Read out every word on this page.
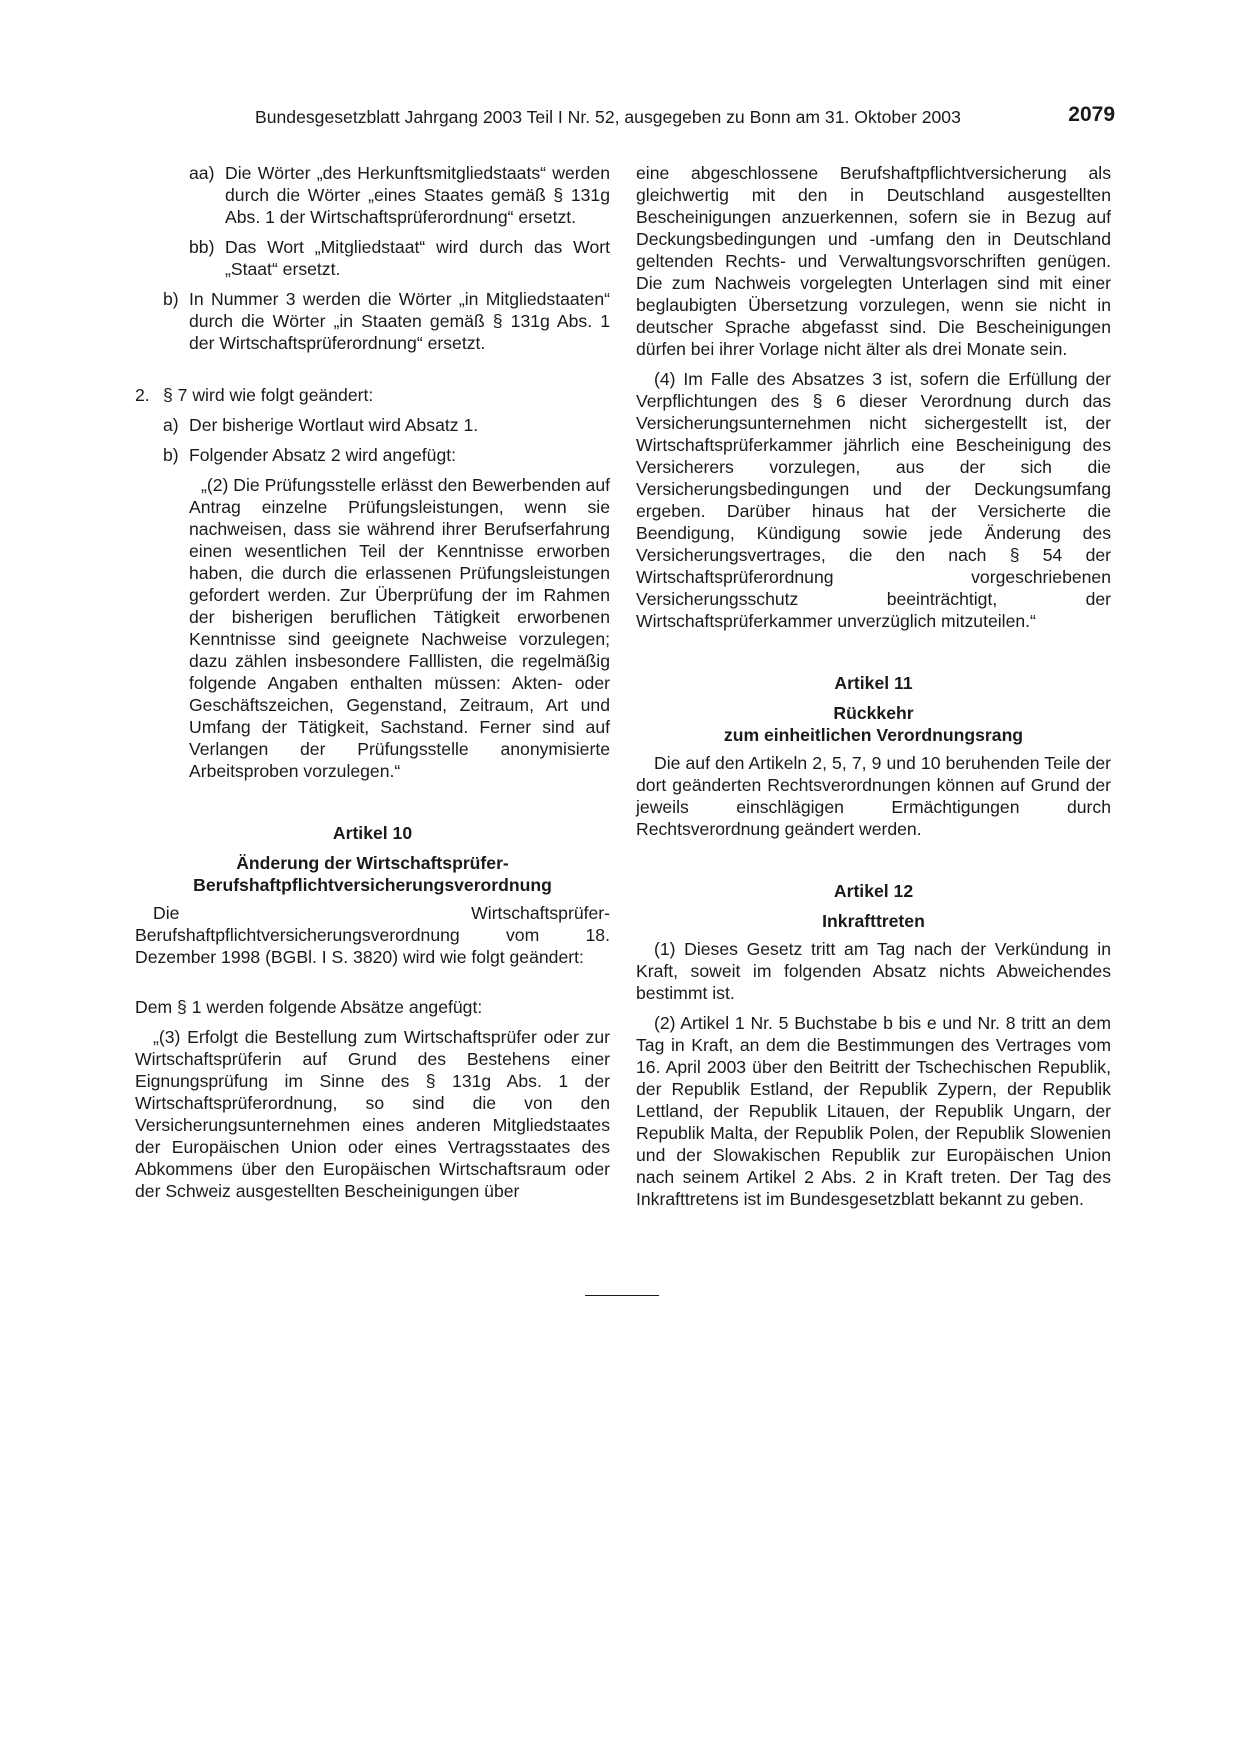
Bundesgesetzblatt Jahrgang 2003 Teil I Nr. 52, ausgegeben zu Bonn am 31. Oktober 2003	2079
aa) Die Wörter „des Herkunftsmitgliedstaats“ werden durch die Wörter „eines Staates gemäß § 131g Abs. 1 der Wirtschaftsprüferordnung“ ersetzt.
bb) Das Wort „Mitgliedstaat“ wird durch das Wort „Staat“ ersetzt.
b) In Nummer 3 werden die Wörter „in Mitgliedstaaten“ durch die Wörter „in Staaten gemäß § 131g Abs. 1 der Wirtschaftsprüferordnung“ ersetzt.
2. § 7 wird wie folgt geändert:
a) Der bisherige Wortlaut wird Absatz 1.
b) Folgender Absatz 2 wird angefügt:

„(2) Die Prüfungsstelle erlässt den Bewerbenden auf Antrag einzelne Prüfungsleistungen, wenn sie nachweisen, dass sie während ihrer Berufserfahrung einen wesentlichen Teil der Kenntnisse erworben haben, die durch die erlassenen Prüfungsleistungen gefordert werden. Zur Überprüfung der im Rahmen der bisherigen beruflichen Tätigkeit erworbenen Kenntnisse sind geeignete Nachweise vorzulegen; dazu zählen insbesondere Falllisten, die regelmäßig folgende Angaben enthalten müssen: Akten- oder Geschäftszeichen, Gegenstand, Zeitraum, Art und Umfang der Tätigkeit, Sachstand. Ferner sind auf Verlangen der Prüfungsstelle anonymisierte Arbeitsproben vorzulegen.“

Artikel 10

Änderung der Wirtschaftsprüfer-

Berufshaftpflichtversicherungsverordnung

Die Wirtschaftsprüfer-Berufshaftpflichtversicherungsverordnung vom 18. Dezember 1998 (BGBl. I S. 3820) wird wie folgt geändert:

Dem § 1 werden folgende Absätze angefügt:

„(3) Erfolgt die Bestellung zum Wirtschaftsprüfer oder zur Wirtschaftsprüferin auf Grund des Bestehens einer Eignungsprüfung im Sinne des § 131g Abs. 1 der Wirtschaftsprüferordnung, so sind die von den Versicherungsunternehmen eines anderen Mitgliedstaates der Europäischen Union oder eines Vertragsstaates des Abkommens über den Europäischen Wirtschaftsraum oder der Schweiz ausgestellten Bescheinigungen über

eine abgeschlossene Berufshaftpflichtversicherung als gleichwertig mit den in Deutschland ausgestellten Bescheinigungen anzuerkennen, sofern sie in Bezug auf Deckungsbedingungen und -umfang den in Deutschland geltenden Rechts- und Verwaltungsvorschriften genügen. Die zum Nachweis vorgelegten Unterlagen sind mit einer beglaubigten Übersetzung vorzulegen, wenn sie nicht in deutscher Sprache abgefasst sind. Die Bescheinigungen dürfen bei ihrer Vorlage nicht älter als drei Monate sein.

(4) Im Falle des Absatzes 3 ist, sofern die Erfüllung der Verpflichtungen des § 6 dieser Verordnung durch das Versicherungsunternehmen nicht sichergestellt ist, der Wirtschaftsprüferkammer jährlich eine Bescheinigung des Versicherers vorzulegen, aus der sich die Versicherungsbedingungen und der Deckungsumfang ergeben. Darüber hinaus hat der Versicherte die Beendigung, Kündigung sowie jede Änderung des Versicherungsvertrages, die den nach § 54 der Wirtschaftsprüferordnung vorgeschriebenen Versicherungsschutz beeinträchtigt, der Wirtschaftsprüferkammer unverzüglich mitzuteilen.“

Artikel 11

Rückkehr

zum einheitlichen Verordnungsrang

Die auf den Artikeln 2, 5, 7, 9 und 10 beruhenden Teile der dort geänderten Rechtsverordnungen können auf Grund der jeweils einschlägigen Ermächtigungen durch Rechtsverordnung geändert werden.

Artikel 12

Inkrafttreten

(1) Dieses Gesetz tritt am Tag nach der Verkündung in Kraft, soweit im folgenden Absatz nichts Abweichendes bestimmt ist.

(2) Artikel 1 Nr. 5 Buchstabe b bis e und Nr. 8 tritt an dem Tag in Kraft, an dem die Bestimmungen des Vertrages vom 16. April 2003 über den Beitritt der Tschechischen Republik, der Republik Estland, der Republik Zypern, der Republik Lettland, der Republik Litauen, der Republik Ungarn, der Republik Malta, der Republik Polen, der Republik Slowenien und der Slowakischen Republik zur Europäischen Union nach seinem Artikel 2 Abs. 2 in Kraft treten. Der Tag des Inkrafttretens ist im Bundesgesetzblatt bekannt zu geben.
